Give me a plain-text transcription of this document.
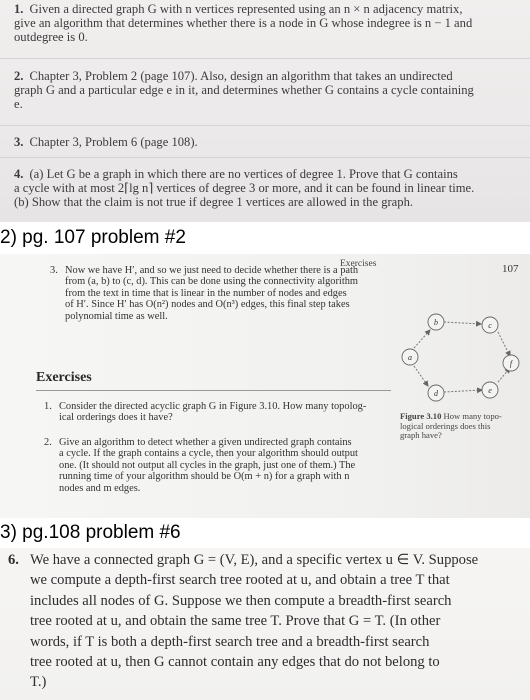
1. Given a directed graph G with n vertices represented using an n × n adjacency matrix,

give an algorithm that determines whether there is a node in G whose indegree is n − 1 and

outdegree is 0.

2. Chapter 3, Problem 2 (page 107). Also, design an algorithm that takes an undirected

graph G and a particular edge e in it, and determines whether G contains a cycle containing

e.

3. Chapter 3, Problem 6 (page 108).

4. (a) Let G be a graph in which there are no vertices of degree 1. Prove that G contains

a cycle with at most 2⌈lg n⌉ vertices of degree 3 or more, and it can be found in linear time.

(b) Show that the claim is not true if degree 1 vertices are allowed in the graph.

2) pg. 107 problem #2
Exercises	107
3. Now we have H′, and so we just need to decide whether there is a path

from (a, b) to (c, d). This can be done using the connectivity algorithm

from the text in time that is linear in the number of nodes and edges

of H′. Since H′ has O(n²) nodes and O(n³) edges, this final step takes

polynomial time as well.

Exercises
1. Consider the directed acyclic graph G in Figure 3.10. How many topolog-

ical orderings does it have?

2. Give an algorithm to detect whether a given undirected graph contains

a cycle. If the graph contains a cycle, then your algorithm should output

one. (It should not output all cycles in the graph, just one of them.) The

running time of your algorithm should be O(m + n) for a graph with n

nodes and m edges.

a
b	c
d	e
f

Figure 3.10 How many topo-

logical orderings does this

graph have?

3) pg.108 problem #6
6. We have a connected graph G = (V, E), and a specific vertex u ∈ V. Suppose

we compute a depth-first search tree rooted at u, and obtain a tree T that

includes all nodes of G. Suppose we then compute a breadth-first search

tree rooted at u, and obtain the same tree T. Prove that G = T. (In other

words, if T is both a depth-first search tree and a breadth-first search

tree rooted at u, then G cannot contain any edges that do not belong to

T.)
